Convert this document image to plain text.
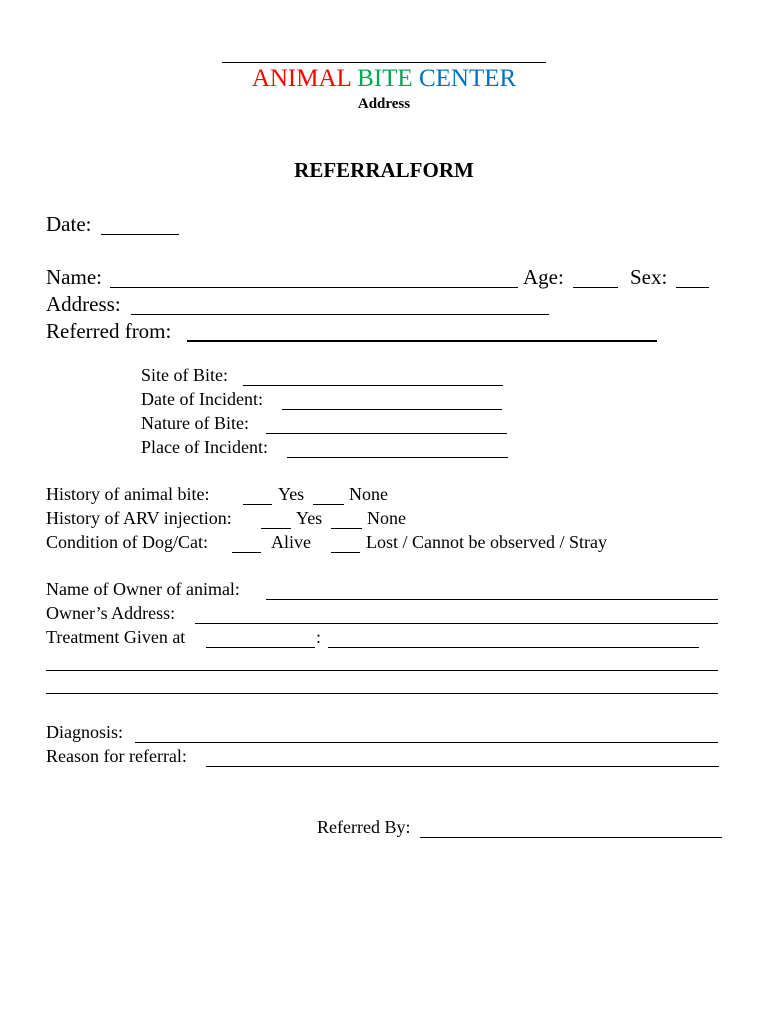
ANIMAL BITE CENTER
Address
REFERRALFORM
Date:
Name:	Age:	Sex:
Address:
Referred from:
Site of Bite:
Date of Incident:
Nature of Bite:
Place of Incident:
History of animal bite:	Yes None
History of ARV injection:	Yes None
Condition of Dog/Cat:	Alive	Lost / Cannot be observed / Stray
Name of Owner of animal:
Owner’s Address:
Treatment Given at	:
Diagnosis:
Reason for referral:
Referred By:
